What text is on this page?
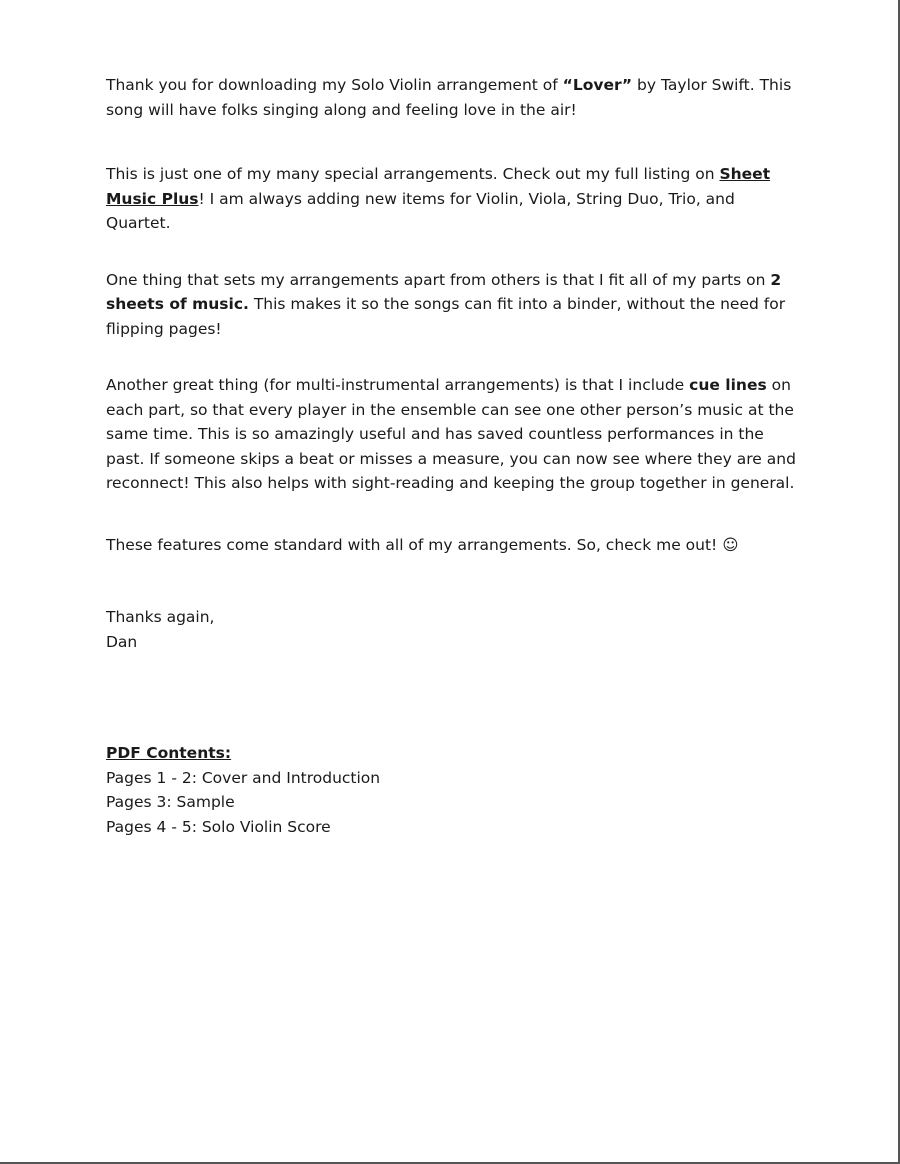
Thank you for downloading my Solo Violin arrangement of “Lover” by Taylor Swift. This song will have folks singing along and feeling love in the air!

This is just one of my many special arrangements. Check out my full listing on Sheet Music Plus! I am always adding new items for Violin, Viola, String Duo, Trio, and Quartet.

One thing that sets my arrangements apart from others is that I fit all of my parts on 2 sheets of music. This makes it so the songs can fit into a binder, without the need for flipping pages!

Another great thing (for multi-instrumental arrangements) is that I include cue lines on each part, so that every player in the ensemble can see one other person’s music at the same time. This is so amazingly useful and has saved countless performances in the past. If someone skips a beat or misses a measure, you can now see where they are and reconnect! This also helps with sight-reading and keeping the group together in general.

These features come standard with all of my arrangements. So, check me out! ☺

Thanks again,
Dan

PDF Contents:
Pages 1 - 2: Cover and Introduction
Pages 3: Sample
Pages 4 - 5: Solo Violin Score
